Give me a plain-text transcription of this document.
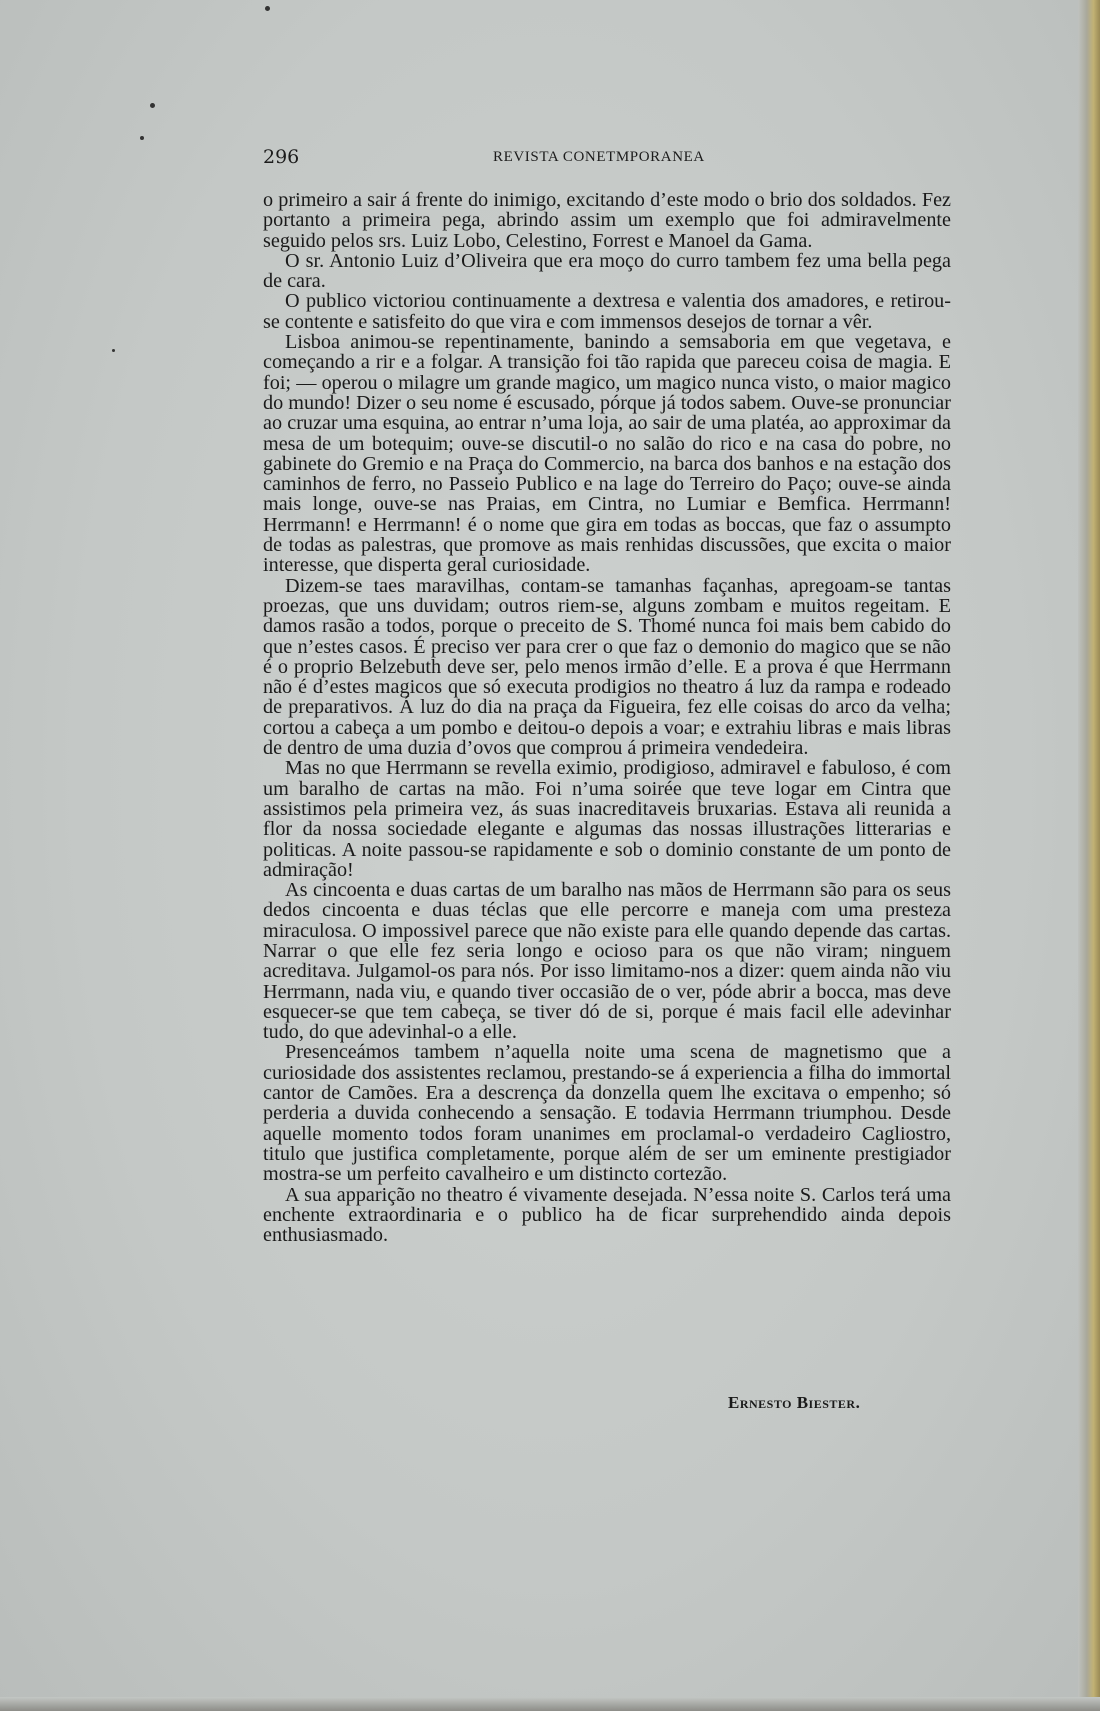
296	REVISTA CONETMPORANEA

o primeiro a sair á frente do inimigo, excitando d’este modo o brio dos soldados. Fez portanto a primeira pega, abrindo assim um exemplo que foi admiravelmente seguido pelos srs. Luiz Lobo, Celestino, Forrest e Manoel da Gama.

O sr. Antonio Luiz d’Oliveira que era moço do curro tambem fez uma bella pega de cara.

O publico victoriou continuamente a dextresa e valentia dos amadores, e retirou-se contente e satisfeito do que vira e com immensos desejos de tornar a vêr.

Lisboa animou-se repentinamente, banindo a semsaboria em que vegetava, e começando a rir e a folgar. A transição foi tão rapida que pareceu coisa de magia. E foi; — operou o milagre um grande magico, um magico nunca visto, o maior magico do mundo! Dizer o seu nome é escusado, pórque já todos sabem. Ouve-se pronunciar ao cruzar uma esquina, ao entrar n’uma loja, ao sair de uma platéa, ao approximar da mesa de um botequim; ouve-se discutil-o no salão do rico e na casa do pobre, no gabinete do Gremio e na Praça do Commercio, na barca dos banhos e na estação dos caminhos de ferro, no Passeio Publico e na lage do Terreiro do Paço; ouve-se ainda mais longe, ouve-se nas Praias, em Cintra, no Lumiar e Bemfica. Herrmann! Herrmann! e Herrmann! é o nome que gira em todas as boccas, que faz o assumpto de todas as palestras, que promove as mais renhidas discussões, que excita o maior interesse, que disperta geral curiosidade.

Dizem-se taes maravilhas, contam-se tamanhas façanhas, apregoam-se tantas proezas, que uns duvidam; outros riem-se, alguns zombam e muitos regeitam. E damos rasão a todos, porque o preceito de S. Thomé nunca foi mais bem cabido do que n’estes casos. É preciso ver para crer o que faz o demonio do magico que se não é o proprio Belzebuth deve ser, pelo menos irmão d’elle. E a prova é que Herrmann não é d’estes magicos que só executa prodigios no theatro á luz da rampa e rodeado de preparativos. Á luz do dia na praça da Figueira, fez elle coisas do arco da velha; cortou a cabeça a um pombo e deitou-o depois a voar; e extrahiu libras e mais libras de dentro de uma duzia d’ovos que comprou á primeira vendedeira.

Mas no que Herrmann se revella eximio, prodigioso, admiravel e fabuloso, é com um baralho de cartas na mão. Foi n’uma soirée que teve logar em Cintra que assistimos pela primeira vez, ás suas inacreditaveis bruxarias. Estava ali reunida a flor da nossa sociedade elegante e algumas das nossas illustrações litterarias e politicas. A noite passou-se rapidamente e sob o dominio constante de um ponto de admiração!

As cincoenta e duas cartas de um baralho nas mãos de Herrmann são para os seus dedos cincoenta e duas téclas que elle percorre e maneja com uma presteza miraculosa. O impossivel parece que não existe para elle quando depende das cartas. Narrar o que elle fez seria longo e ocioso para os que não viram; ninguem acreditava. Julgamol-os para nós. Por isso limitamo-nos a dizer: quem ainda não viu Herrmann, nada viu, e quando tiver occasião de o ver, póde abrir a bocca, mas deve esquecer-se que tem cabeça, se tiver dó de si, porque é mais facil elle adevinhar tudo, do que adevinhal-o a elle.

Presenceámos tambem n’aquella noite uma scena de magnetismo que a curiosidade dos assistentes reclamou, prestando-se á experiencia a filha do immortal cantor de Camões. Era a descrença da donzella quem lhe excitava o empenho; só perderia a duvida conhecendo a sensação. E todavia Herrmann triumphou. Desde aquelle momento todos foram unanimes em proclamal-o verdadeiro Cagliostro, titulo que justifica completamente, porque além de ser um eminente prestigiador mostra-se um perfeito cavalheiro e um distincto cortezão.

A sua apparição no theatro é vivamente desejada. N’essa noite S. Carlos terá uma enchente extraordinaria e o publico ha de ficar surprehendido ainda depois enthusiasmado.

Ernesto Biester.
